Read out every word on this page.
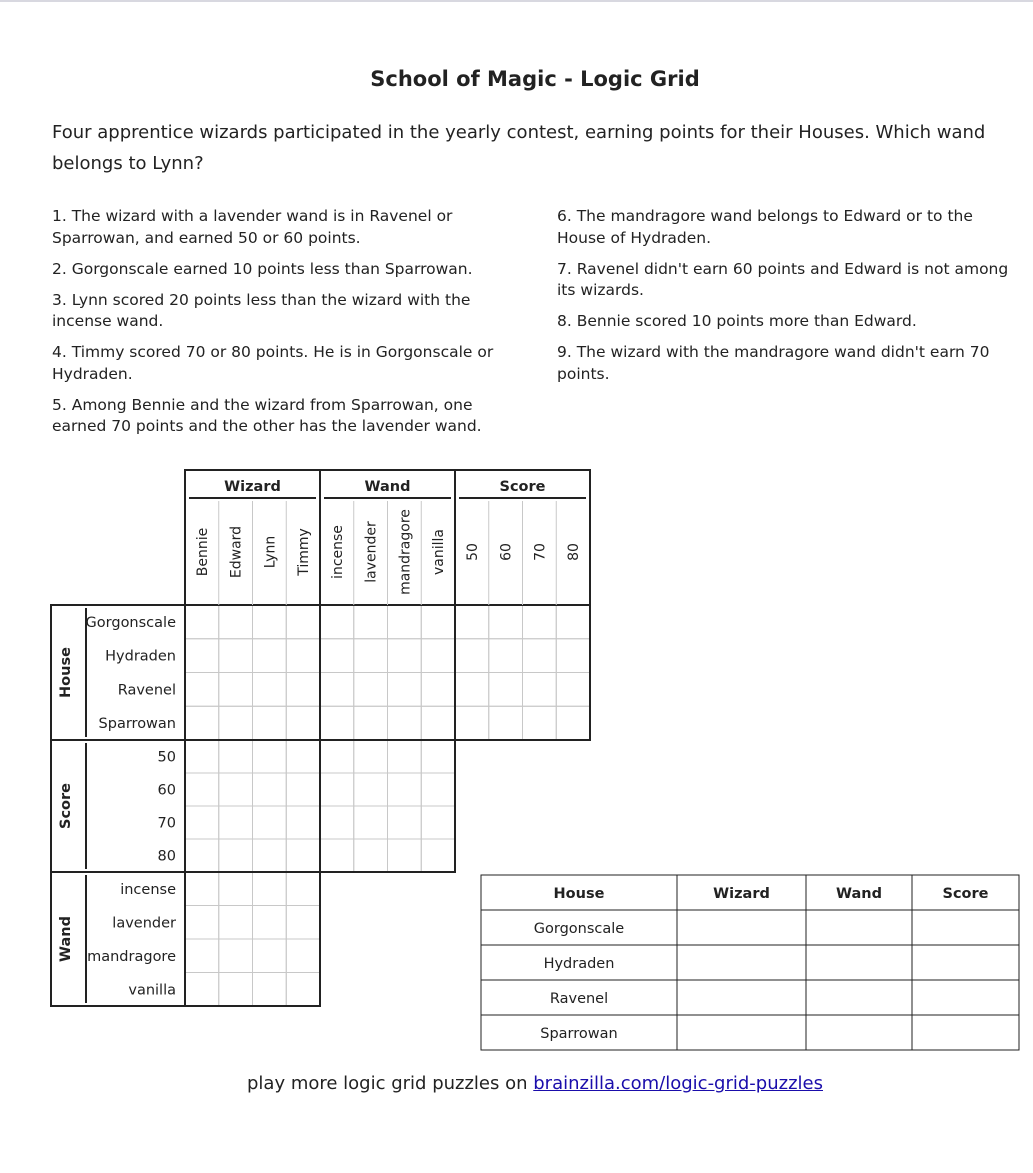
School of Magic - Logic Grid

Four apprentice wizards participated in the yearly contest, earning points for their Houses. Which wand belongs to Lynn?

1. The wizard with a lavender wand is in Ravenel or Sparrowan, and earned 50 or 60 points.

2. Gorgonscale earned 10 points less than Sparrowan.

3. Lynn scored 20 points less than the wizard with the incense wand.

4. Timmy scored 70 or 80 points. He is in Gorgonscale or Hydraden.

5. Among Bennie and the wizard from Sparrowan, one earned 70 points and the other has the lavender wand.

6. The mandragore wand belongs to Edward or to the House of Hydraden.

7. Ravenel didn't earn 60 points and Edward is not among its wizards.

8. Bennie scored 10 points more than Edward.

9. The wizard with the mandragore wand didn't earn 70 points.

Wizard
Bennie Edward Lynn Timmy
Wand
incense lavender mandragore vanilla
Score
50 60 70 80
House
Gorgonscale
Hydraden
Ravenel
Sparrowan
Score
50
60
70
80
Wand
incense
lavender
mandragore
vanilla
House	Wizard	Wand	Score
Gorgonscale
Hydraden
Ravenel
Sparrowan

play more logic grid puzzles on brainzilla.com/logic-grid-puzzles
